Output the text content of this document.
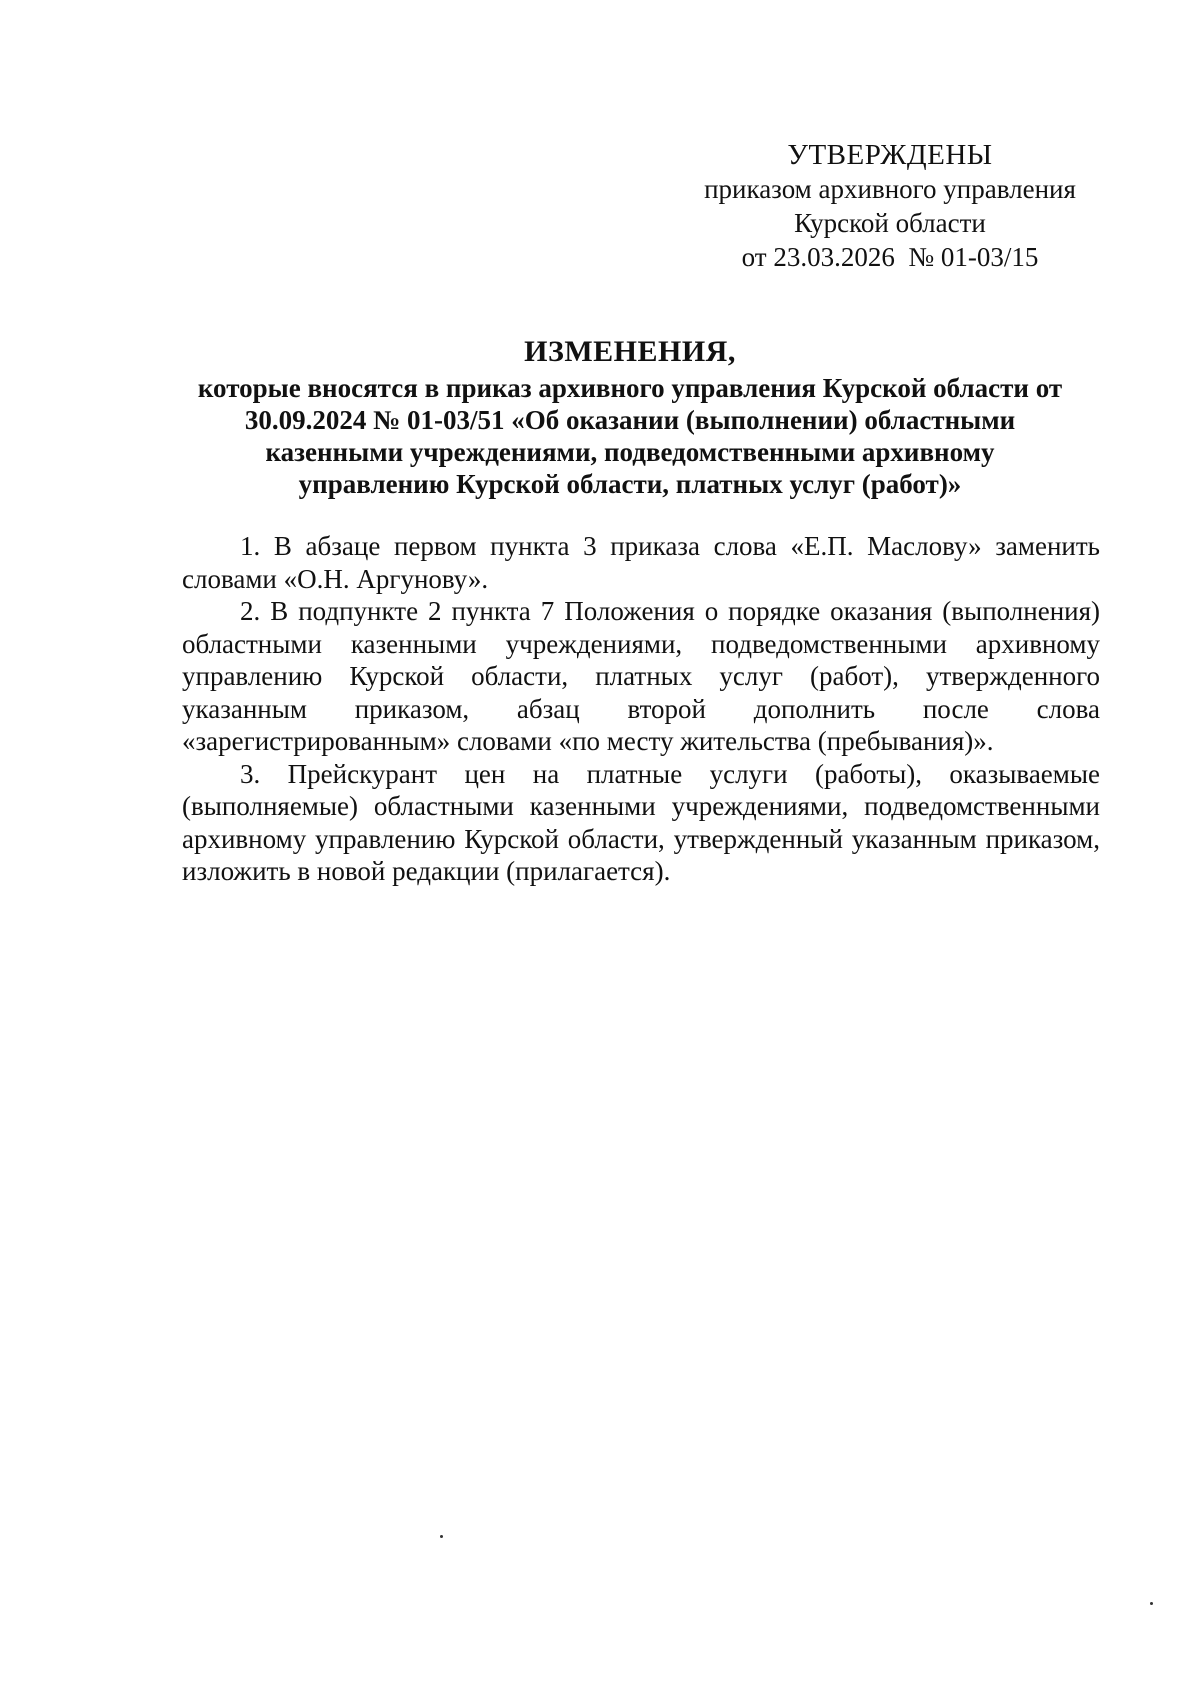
УТВЕРЖДЕНЫ
приказом архивного управления
Курской области
от 23.03.2026  № 01-03/15
ИЗМЕНЕНИЯ,
которые вносятся в приказ архивного управления Курской области от 30.09.2024 № 01-03/51 «Об оказании (выполнении) областными казенными учреждениями, подведомственными архивному управлению Курской области, платных услуг (работ)»

1. В абзаце первом пункта 3 приказа слова «Е.П. Маслову» заменить словами «О.Н. Аргунову».

2. В подпункте 2 пункта 7 Положения о порядке оказания (выполнения) областными казенными учреждениями, подведомственными архивному управлению Курской области, платных услуг (работ), утвержденного указанным приказом, абзац второй дополнить после слова «зарегистрированным» словами «по месту жительства (пребывания)».

3. Прейскурант цен на платные услуги (работы), оказываемые (выполняемые) областными казенными учреждениями, подведомственными архивному управлению Курской области, утвержденный указанным приказом, изложить в новой редакции (прилагается).
